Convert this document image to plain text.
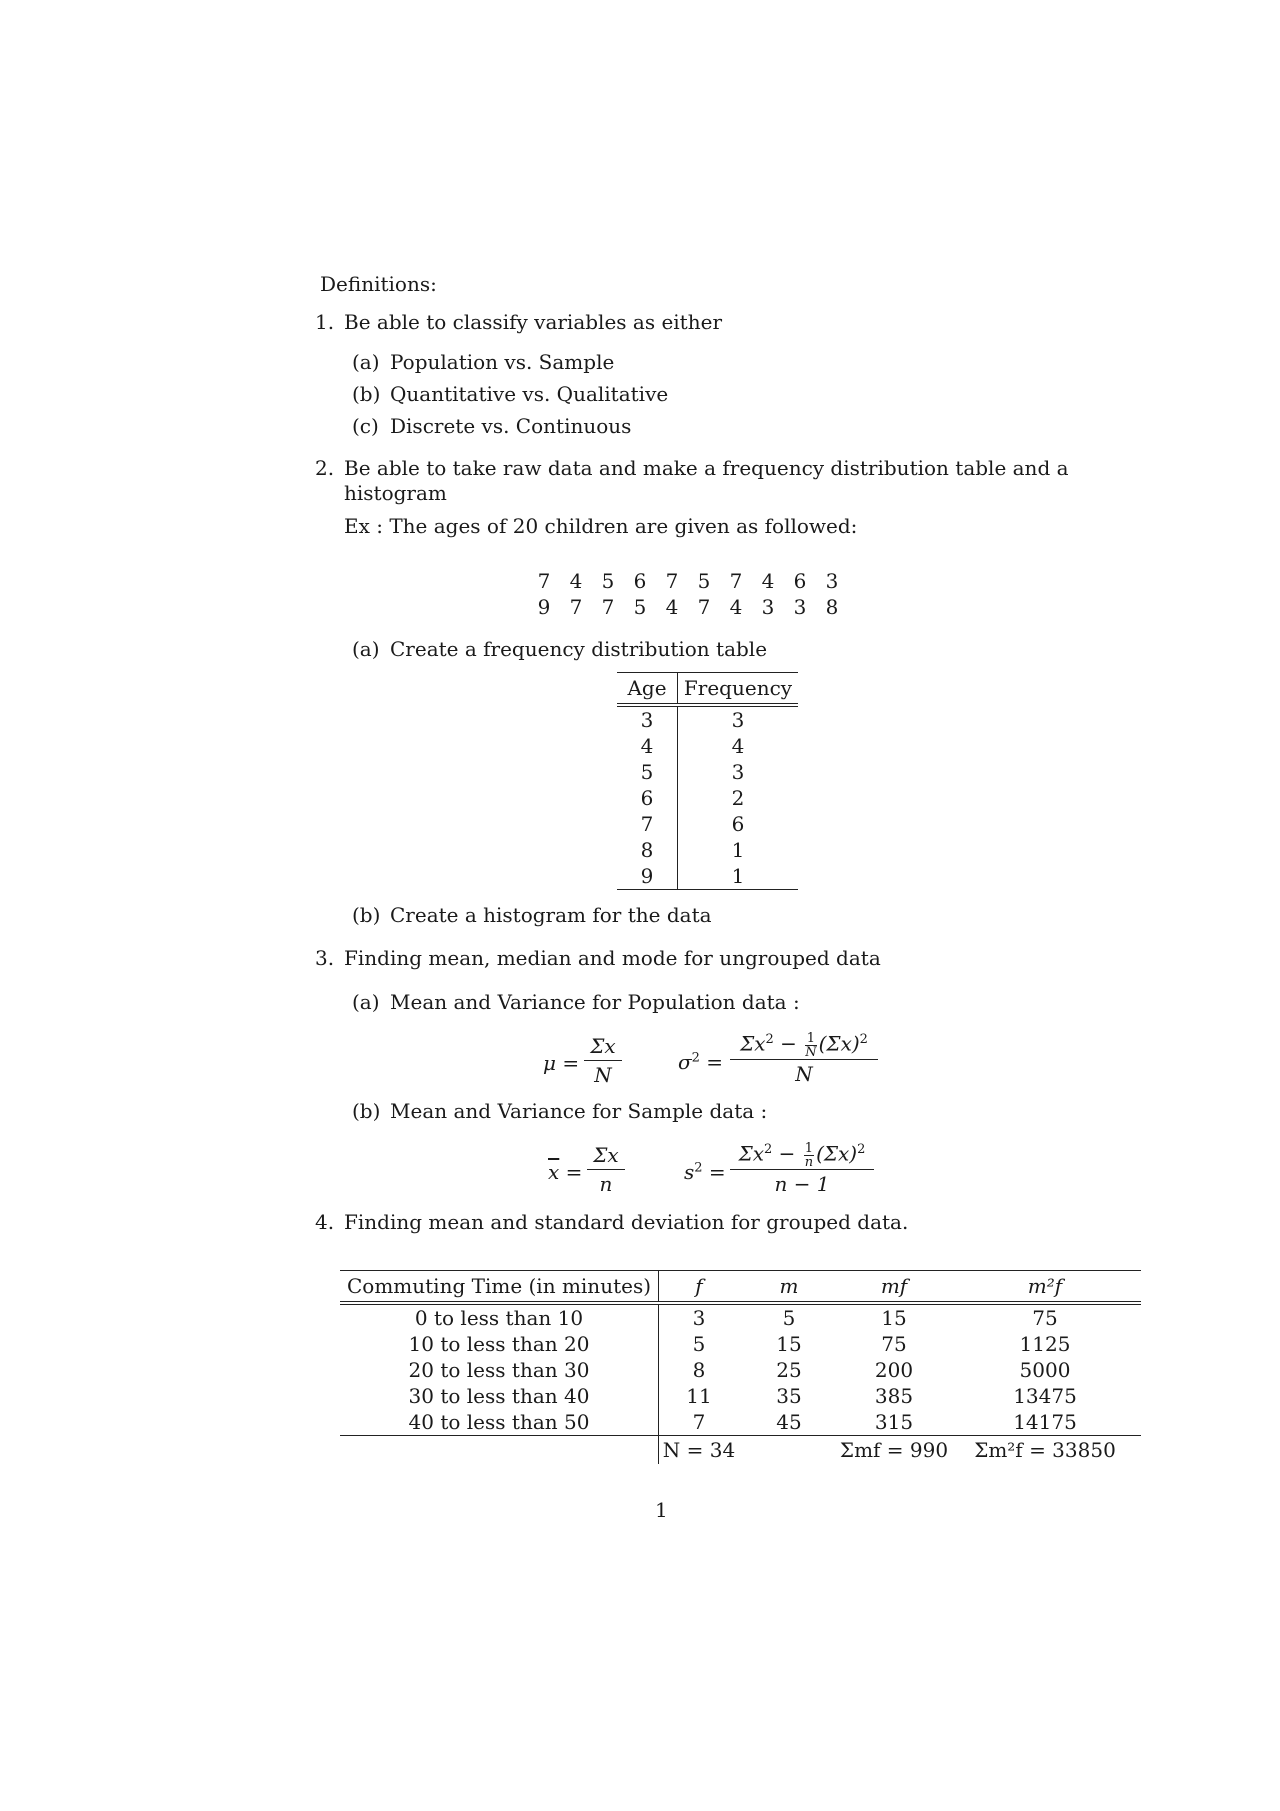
Definitions:
1. Be able to classify variables as either
(a) Population vs. Sample
(b) Quantitative vs. Qualitative
(c) Discrete vs. Continuous
2. Be able to take raw data and make a frequency distribution table and a
histogram
Ex : The ages of 20 children are given as followed:
7	4	5	6	7	5	7	4	6	3
9	7	7	5	4	7	4	3	3	8
(a) Create a frequency distribution table
Age	Frequency
3	3
4	4
5	3
6	2
7	6
8	1
9	1
(b) Create a histogram for the data
3. Finding mean, median and mode for ungrouped data
(a) Mean and Variance for Population data :
$\mu = \frac{\Sigma x}{N}$	$\sigma^2 = \frac{\Sigma x^2 - \frac{1}{N} (\Sigma x)^2}{N}$
(b) Mean and Variance for Sample data :
$\overline{x} = \frac{\Sigma x}{n}$	$s^2 = \frac{\Sigma x^2 - \frac{1}{n} (\Sigma x)^2}{n - 1}$
4. Finding mean and standard deviation for grouped data.
Commuting Time (in minutes)	f	m	mf	m²f
0 to less than 10	3	5	15	75
10 to less than 20	5	15	75	1125
20 to less than 30	8	25	200	5000
30 to less than 40	11	35	385	13475
40 to less than 50	7	45	315	14175
	N = 34		Σmf = 990	Σm²f = 33850
1
